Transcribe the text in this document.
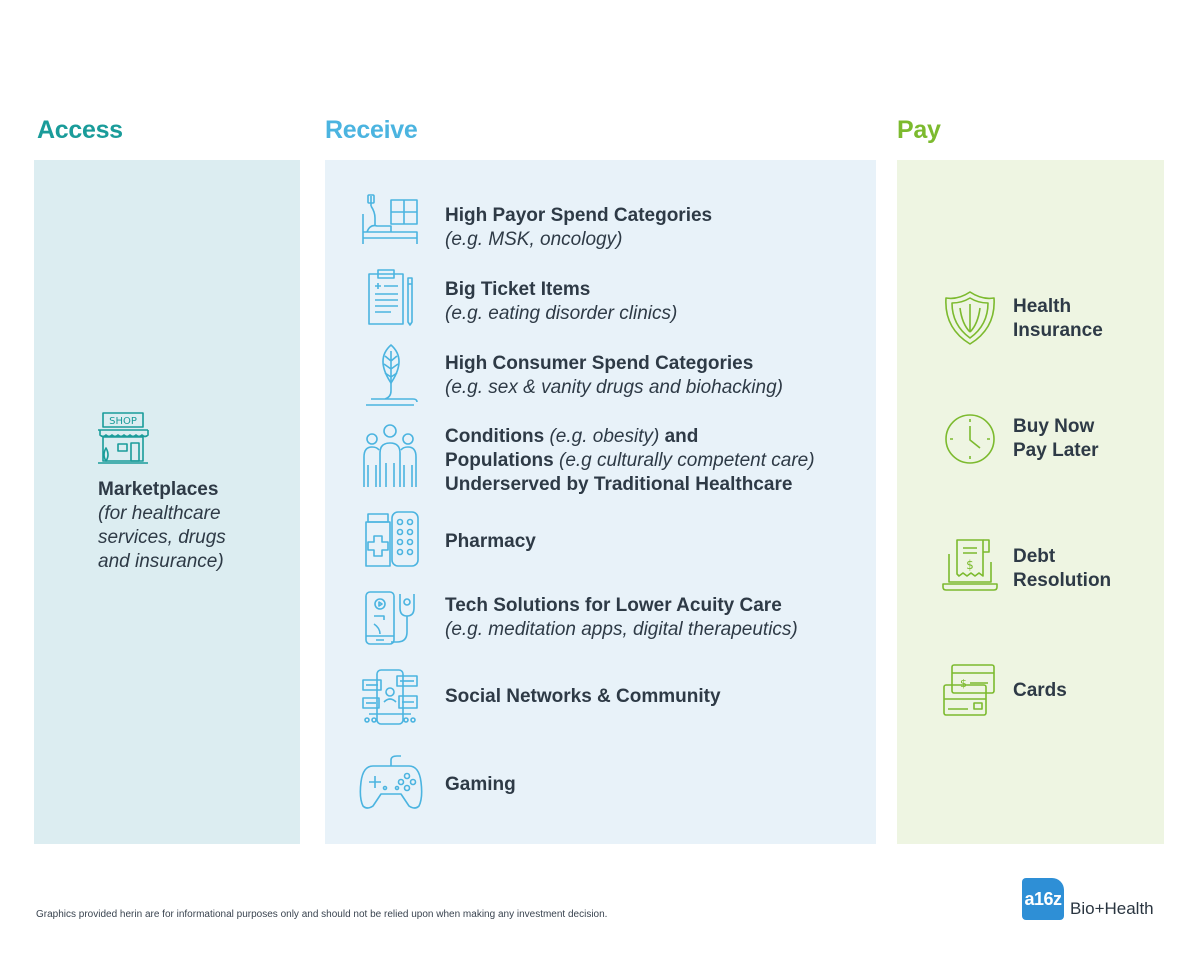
Access	Receive	Pay
SHOP
Marketplaces
(for healthcare
services, drugs
and insurance)
High Payor Spend Categories
(e.g. MSK, oncology)
Big Ticket Items
(e.g. eating disorder clinics)
High Consumer Spend Categories
(e.g. sex & vanity drugs and biohacking)
Conditions (e.g. obesity) and
Populations (e.g culturally competent care)
Underserved by Traditional Healthcare
Pharmacy
Tech Solutions for Lower Acuity Care
(e.g. meditation apps, digital therapeutics)
Social Networks & Community
Gaming
$
$
Health
Insurance
Buy Now
Pay Later
Debt
Resolution
Cards
Graphics provided herin are for informational purposes only and should not be relied upon when making any investment decision.
a16z Bio+Health
